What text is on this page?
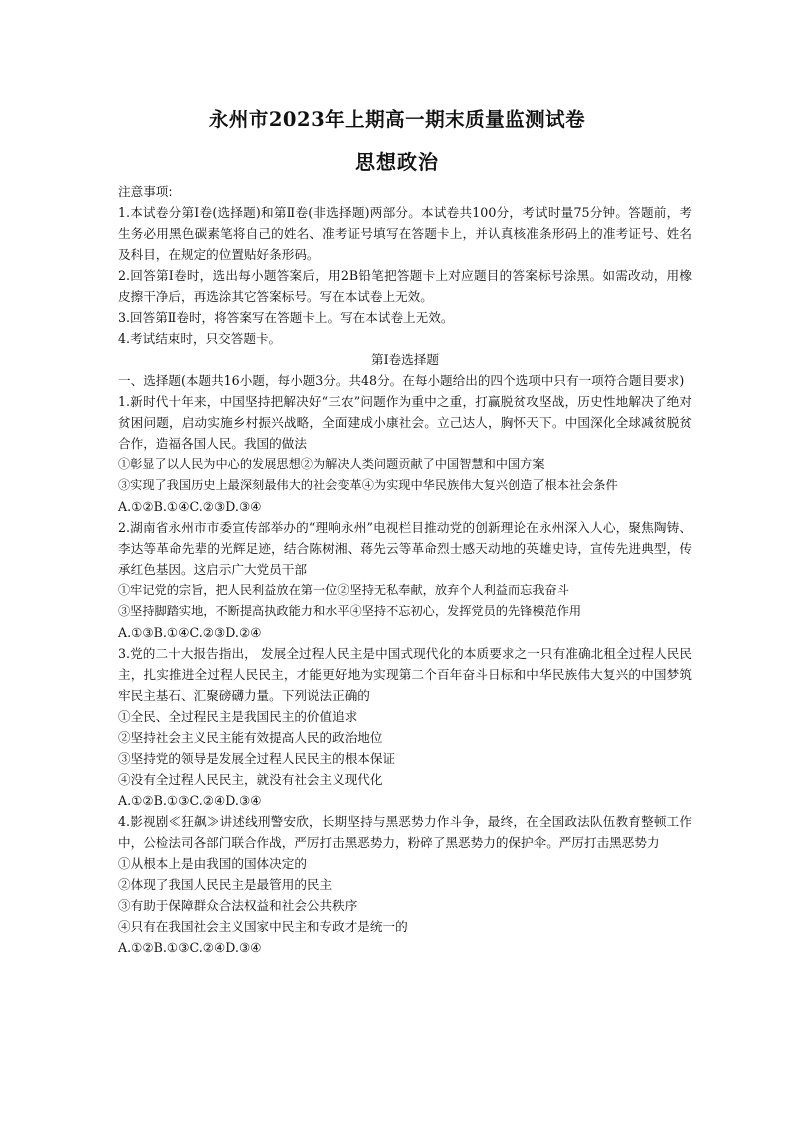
永州市2023年上期高一期末质量监测试卷
思想政治

注意事项:

1.本试卷分第Ⅰ卷(选择题)和第Ⅱ卷(非选择题)两部分。本试卷共100分，考试时量75分钟。答题前，考生务必用黑色碳素笔将自己的姓名、准考证号填写在答题卡上，并认真核准条形码上的准考证号、姓名及科目，在规定的位置贴好条形码。

2.回答第Ⅰ卷时，选出每小题答案后，用2B铅笔把答题卡上对应题目的答案标号涂黑。如需改动，用橡皮擦干净后，再选涂其它答案标号。写在本试卷上无效。

3.回答第Ⅱ卷时，将答案写在答题卡上。写在本试卷上无效。

4.考试结束时，只交答题卡。

第Ⅰ卷选择题

一、选择题(本题共16小题，每小题3分。共48分。在每小题给出的四个选项中只有一项符合题目要求)

1.新时代十年来，中国坚持把解决好“三农”问题作为重中之重，打赢脱贫攻坚战，历史性地解决了绝对贫困问题，启动实施乡村振兴战略，全面建成小康社会。立己达人，胸怀天下。中国深化全球减贫脱贫合作，造福各国人民。我国的做法

①彰显了以人民为中心的发展思想②为解决人类问题贡献了中国智慧和中国方案

③实现了我国历史上最深刻最伟大的社会变革④为实现中华民族伟大复兴创造了根本社会条件

A.①②B.①④C.②③D.③④

2.湖南省永州市市委宣传部举办的“理响永州”电视栏目推动党的创新理论在永州深入人心，聚焦陶铸、李达等革命先辈的光辉足迹，结合陈树湘、蒋先云等革命烈士感天动地的英雄史诗，宣传先进典型，传承红色基因。这启示广大党员干部

①牢记党的宗旨，把人民利益放在第一位②坚持无私奉献，放弃个人利益而忘我奋斗

③坚持脚踏实地，不断提高执政能力和水平④坚持不忘初心，发挥党员的先锋模范作用

A.①③B.①④C.②③D.②④

3.党的二十大报告指出， 发展全过程人民主是中国式现代化的本质要求之一只有准确北租全过程人民民主，扎实推进全过程人民民主，才能更好地为实现第二个百年奋斗日标和中华民族伟大复兴的中国梦筑牢民主基石、汇聚磅礴力量。下列说法正确的

①全民、全过程民主是我国民主的价值追求

②坚持社会主义民主能有效提高人民的政治地位

③坚持党的领导是发展全过程人民民主的根本保证

④没有全过程人民民主，就没有社会主义现代化

A.①②B.①③C.②④D.③④

4.影视剧≪狂飙≫讲述线刑警安欣，长期坚持与黑恶势力作斗争，最终，在全国政法队伍教育整顿工作中，公检法司各部门联合作战，严厉打击黑恶势力，粉碎了黑恶势力的保护伞。严厉打击黑恶势力

①从根本上是由我国的国体决定的

②体现了我国人民民主是最管用的民主

③有助于保障群众合法权益和社会公共秩序

④只有在我国社会主义国家中民主和专政才是统一的

A.①②B.①③C.②④D.③④
